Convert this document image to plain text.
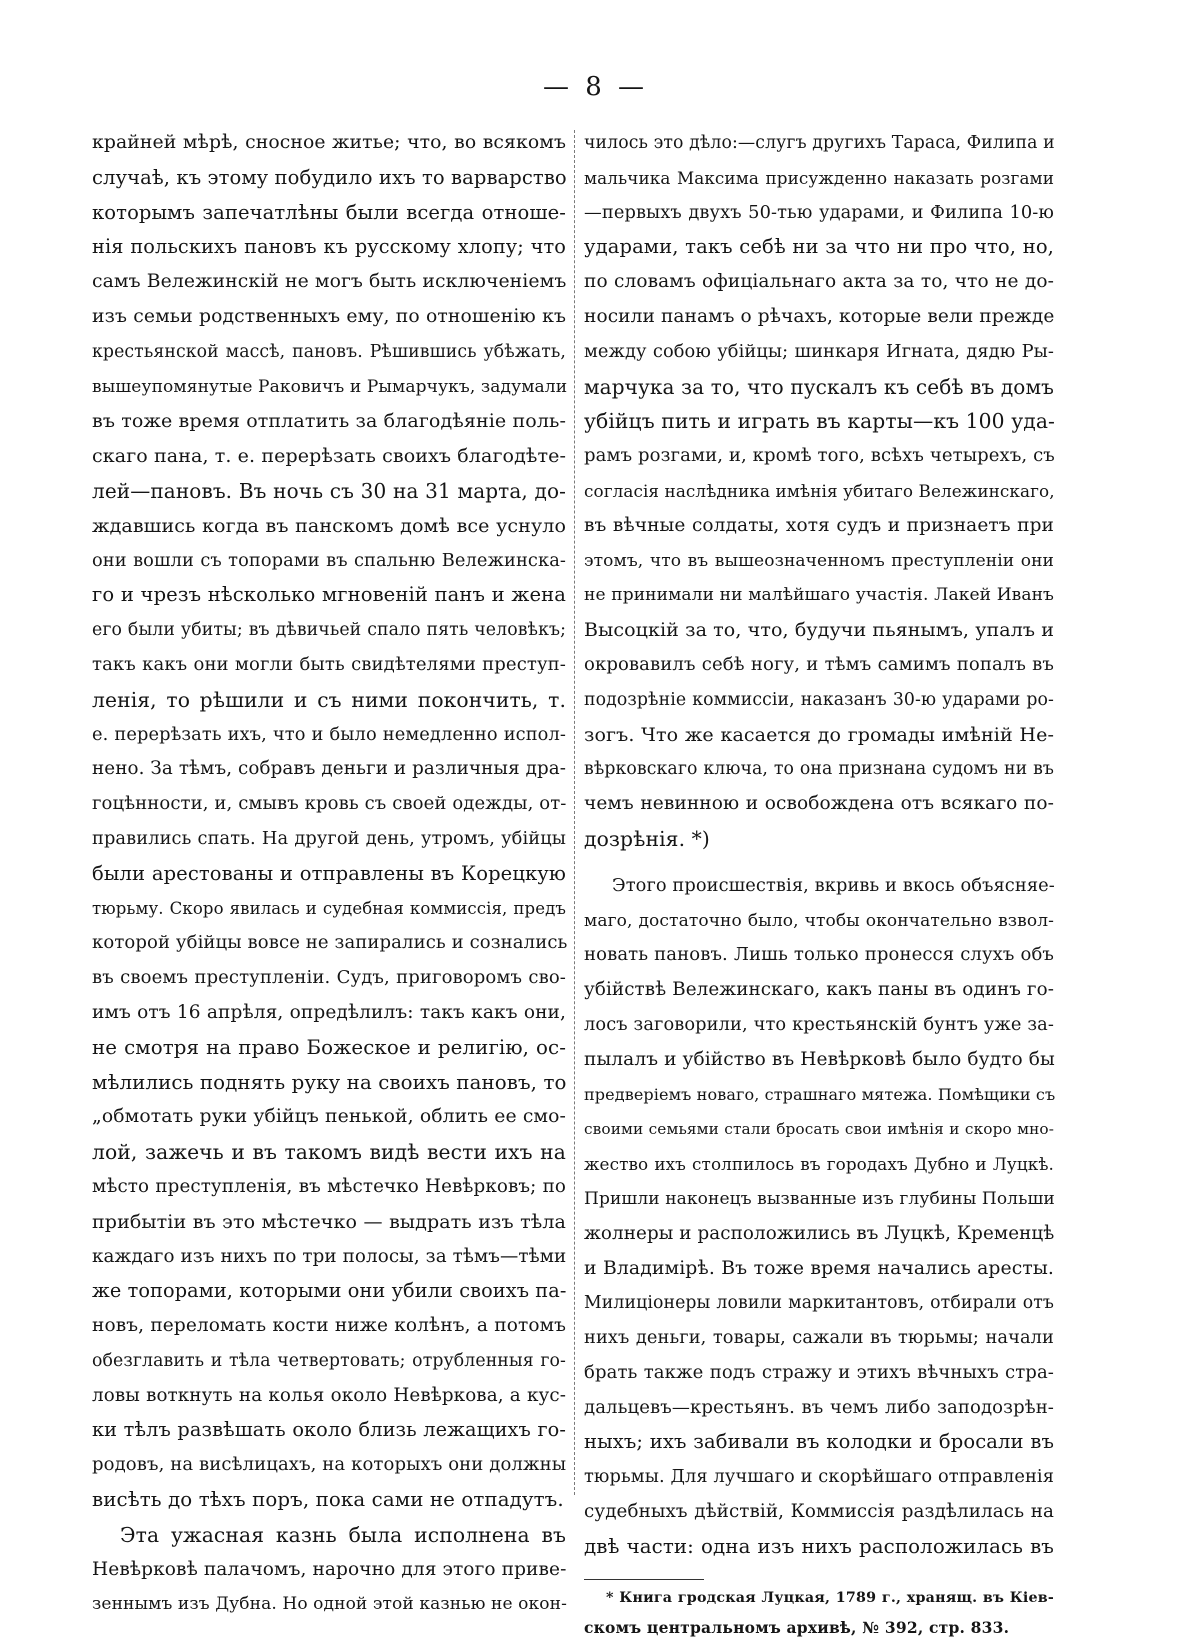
— 8 —
крайней мѣрѣ, сносное житье; что, во всякомъ
случаѣ, къ этому побудило ихъ то варварство
которымъ запечатлѣны были всегда отноше-
нія польскихъ пановъ къ русскому хлопу; что
самъ Вележинскій не могъ быть исключеніемъ
изъ семьи родственныхъ ему, по отношенію къ
крестьянской массѣ, пановъ. Рѣшившись убѣжать,
вышеупомянутые Раковичъ и Рымарчукъ, задумали
въ тоже время отплатить за благодѣяніе поль-
скаго пана, т. е. перерѣзать своихъ благодѣте-
лей—пановъ. Въ ночь съ 30 на 31 марта, до-
ждавшись когда въ панскомъ домѣ все уснуло
они вошли съ топорами въ спальню Вележинска-
го и чрезъ нѣсколько мгновеній панъ и жена
его были убиты; въ дѣвичьей спало пять человѣкъ;
такъ какъ они могли быть свидѣтелями преступ-
ленія, то рѣшили и съ ними покончить, т.
е. перерѣзать ихъ, что и было немедленно испол-
нено. За тѣмъ, собравъ деньги и различныя дра-
гоцѣнности, и, смывъ кровь съ своей одежды, от-
правились спать. На другой день, утромъ, убійцы
были арестованы и отправлены въ Корецкую
тюрьму. Скоро явилась и судебная коммиссія, предъ
которой убійцы вовсе не запирались и сознались
въ своемъ преступленіи. Судъ, приговоромъ сво-
имъ отъ 16 апрѣля, опредѣлилъ: такъ какъ они,
не смотря на право Божеское и религію, ос-
мѣлились поднять руку на своихъ пановъ, то
„обмотать руки убійцъ пенькой, облить ее смо-
лой, зажечь и въ такомъ видѣ вести ихъ на
мѣсто преступленія, въ мѣстечко Невѣрковъ; по
прибытіи въ это мѣстечко — выдрать изъ тѣла
каждаго изъ нихъ по три полосы, за тѣмъ—тѣми
же топорами, которыми они убили своихъ па-
новъ, переломать кости ниже колѣнъ, а потомъ
обезглавить и тѣла четвертовать; отрубленныя го-
ловы воткнуть на колья около Невѣркова, а кус-
ки тѣлъ развѣшать около близь лежащихъ го-
родовъ, на висѣлицахъ, на которыхъ они должны
висѣть до тѣхъ поръ, пока сами не отпадутъ.
Эта ужасная казнь была исполнена въ
Невѣрковѣ палачомъ, нарочно для этого приве-
зеннымъ изъ Дубна. Но одной этой казнью не окон-
чилось это дѣло:—слугъ другихъ Тараса, Филипа и
мальчика Максима присужденно наказать розгами
—первыхъ двухъ 50-тью ударами, и Филипа 10-ю
ударами, такъ себѣ ни за что ни про что, но,
по словамъ офиціальнаго акта за то, что не до-
носили панамъ о рѣчахъ, которые вели прежде
между собою убійцы; шинкаря Игната, дядю Ры-
марчука за то, что пускалъ къ себѣ въ домъ
убійцъ пить и играть въ карты—къ 100 уда-
рамъ розгами, и, кромѣ того, всѣхъ четырехъ, съ
согласія наслѣдника имѣнія убитаго Вележинскаго,
въ вѣчные солдаты, хотя судъ и признаетъ при
этомъ, что въ вышеозначенномъ преступленіи они
не принимали ни малѣйшаго участія. Лакей Иванъ
Высоцкій за то, что, будучи пьянымъ, упалъ и
окровавилъ себѣ ногу, и тѣмъ самимъ попалъ въ
подозрѣніе коммиссіи, наказанъ 30-ю ударами ро-
зогъ. Что же касается до громады имѣній Не-
вѣрковскаго ключа, то она признана судомъ ни въ
чемъ невинною и освобождена отъ всякаго по-
дозрѣнія. *)
Этого происшествія, вкривь и вкось объясняе-
маго, достаточно было, чтобы окончательно взвол-
новать пановъ. Лишь только пронесся слухъ объ
убійствѣ Вележинскаго, какъ паны въ одинъ го-
лосъ заговорили, что крестьянскій бунтъ уже за-
пылалъ и убійство въ Невѣрковѣ было будто бы
предверіемъ новаго, страшнаго мятежа. Помѣщики съ
своими семьями стали бросать свои имѣнія и скоро мно-
жество ихъ столпилось въ городахъ Дубно и Луцкѣ.
Пришли наконецъ вызванные изъ глубины Польши
жолнеры и расположились въ Луцкѣ, Кременцѣ
и Владимірѣ. Въ тоже время начались аресты.
Милиціонеры ловили маркитантовъ, отбирали отъ
нихъ деньги, товары, сажали въ тюрьмы; начали
брать также подъ стражу и этихъ вѣчныхъ стра-
дальцевъ—крестьянъ. въ чемъ либо заподозрѣн-
ныхъ; ихъ забивали въ колодки и бросали въ
тюрьмы. Для лучшаго и скорѣйшаго отправленія
судебныхъ дѣйствій, Коммиссія раздѣлилась на
двѣ части: одна изъ нихъ расположилась въ
* Книга гродская Луцкая, 1789 г., хранящ. въ Кіев-
скомъ центральномъ архивѣ, № 392, стр. 833.
